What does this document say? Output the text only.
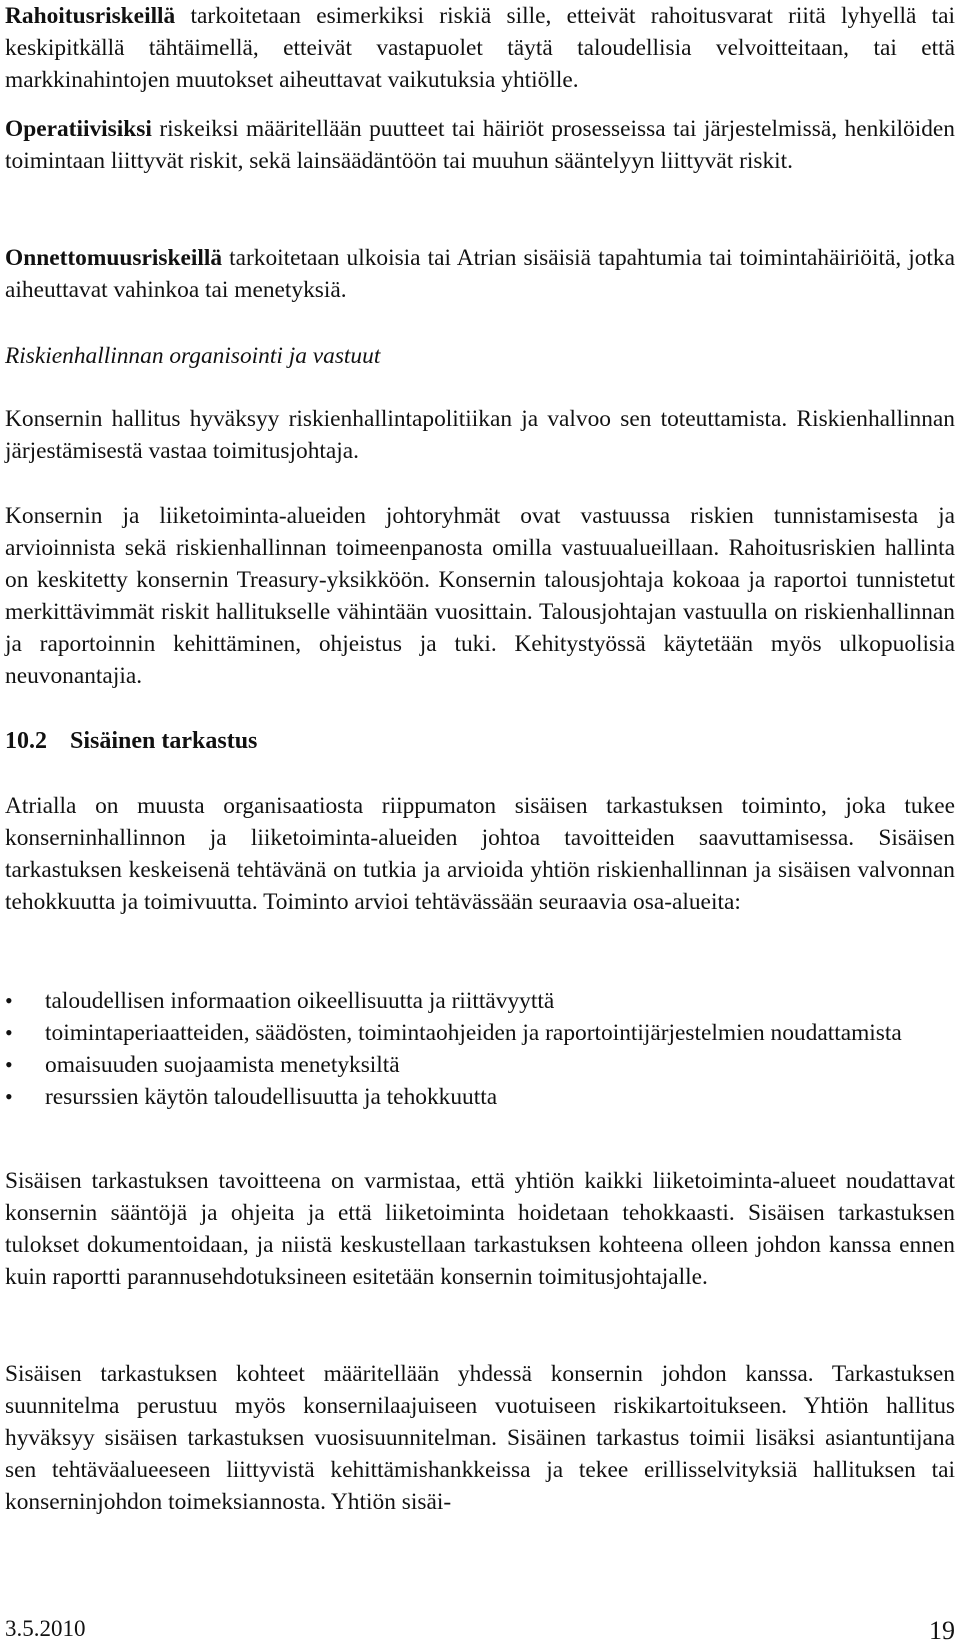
Rahoitusriskeillä tarkoitetaan esimerkiksi riskiä sille, etteivät rahoitusvarat riitä lyhyellä tai keskipitkällä tähtäimellä, etteivät vastapuolet täytä taloudellisia velvoitteitaan, tai että markkinahintojen muutokset aiheuttavat vaikutuksia yhtiölle.

Operatiivisiksi riskeiksi määritellään puutteet tai häiriöt prosesseissa tai järjestelmissä, henkilöiden toimintaan liittyvät riskit, sekä lainsäädäntöön tai muuhun sääntelyyn liittyvät riskit.

Onnettomuusriskeillä tarkoitetaan ulkoisia tai Atrian sisäisiä tapahtumia tai toimintahäiriöitä, jotka aiheuttavat vahinkoa tai menetyksiä.

Riskienhallinnan organisointi ja vastuut

Konsernin hallitus hyväksyy riskienhallintapolitiikan ja valvoo sen toteuttamista. Riskienhallinnan järjestämisestä vastaa toimitusjohtaja.

Konsernin ja liiketoiminta-alueiden johtoryhmät ovat vastuussa riskien tunnistamisesta ja arvioinnista sekä riskienhallinnan toimeenpanosta omilla vastuualueillaan. Rahoitusriskien hallinta on keskitetty konsernin Treasury-yksikköön. Konsernin talousjohtaja kokoaa ja raportoi tunnistetut merkittävimmät riskit hallitukselle vähintään vuosittain. Talousjohtajan vastuulla on riskienhallinnan ja raportoinnin kehittäminen, ohjeistus ja tuki. Kehitystyössä käytetään myös ulkopuolisia neuvonantajia.

10.2 Sisäinen tarkastus

Atrialla on muusta organisaatiosta riippumaton sisäisen tarkastuksen toiminto, joka tukee konserninhallinnon ja liiketoiminta-alueiden johtoa tavoitteiden saavuttamisessa. Sisäisen tarkastuksen keskeisenä tehtävänä on tutkia ja arvioida yhtiön riskienhallinnan ja sisäisen valvonnan tehokkuutta ja toimivuutta. Toiminto arvioi tehtävässään seuraavia osa-alueita:

• taloudellisen informaation oikeellisuutta ja riittävyyttä
• toimintaperiaatteiden, säädösten, toimintaohjeiden ja raportointijärjestelmien noudattamista
• omaisuuden suojaamista menetyksiltä
• resurssien käytön taloudellisuutta ja tehokkuutta

Sisäisen tarkastuksen tavoitteena on varmistaa, että yhtiön kaikki liiketoiminta-alueet noudattavat konsernin sääntöjä ja ohjeita ja että liiketoiminta hoidetaan tehokkaasti. Sisäisen tarkastuksen tulokset dokumentoidaan, ja niistä keskustellaan tarkastuksen kohteena olleen johdon kanssa ennen kuin raportti parannusehdotuksineen esitetään konsernin toimitusjohtajalle.

Sisäisen tarkastuksen kohteet määritellään yhdessä konsernin johdon kanssa. Tarkastuksen suunnitelma perustuu myös konsernilaajuiseen vuotuiseen riskikartoitukseen. Yhtiön hallitus hyväksyy sisäisen tarkastuksen vuosisuunnitelman. Sisäinen tarkastus toimii lisäksi asiantuntijana sen tehtäväalueeseen liittyvistä kehittämishankkeissa ja tekee erillisselvityksiä hallituksen tai konserninjohdon toimeksiannosta. Yhtiön sisäi-

3.5.2010	19
